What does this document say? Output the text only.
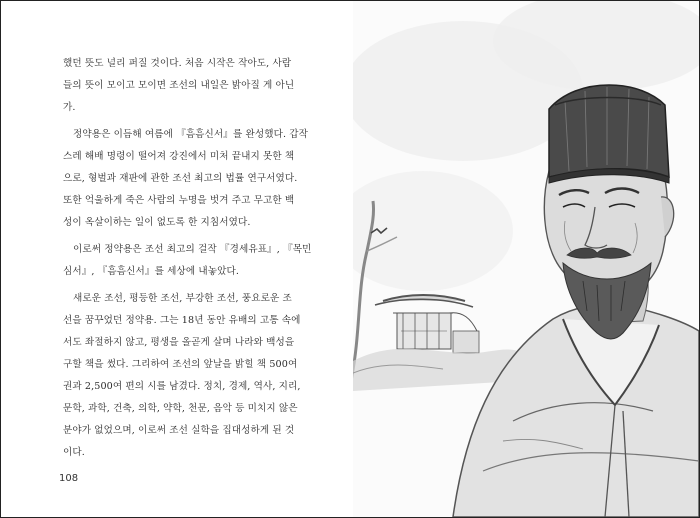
했던 뜻도 널리 퍼질 것이다. 처음 시작은 작아도, 사람
들의 뜻이 모이고 모이면 조선의 내일은 밝아질 게 아닌
가.
정약용은 이듬해 여름에 『흠흠신서』를 완성했다. 갑작
스레 해배 명령이 떨어져 강진에서 미처 끝내지 못한 책
으로, 형벌과 재판에 관한 조선 최고의 법률 연구서였다.
또한 억울하게 죽은 사람의 누명을 벗겨 주고 무고한 백
성이 옥살이하는 일이 없도록 한 지침서였다.
이로써 정약용은 조선 최고의 걸작 『경세유표』, 『목민
심서』, 『흠흠신서』를 세상에 내놓았다.
새로운 조선, 평등한 조선, 부강한 조선, 풍요로운 조
선을 꿈꾸었던 정약용. 그는 18년 동안 유배의 고통 속에
서도 좌절하지 않고, 평생을 올곧게 살며 나라와 백성을
구할 책을 썼다. 그리하여 조선의 앞날을 밝힐 책 500여
권과 2,500여 편의 시를 남겼다. 정치, 경제, 역사, 지리,
문학, 과학, 건축, 의학, 약학, 천문, 음악 등 미치지 않은
분야가 없었으며, 이로써 조선 실학을 집대성하게 된 것
이다.
108
